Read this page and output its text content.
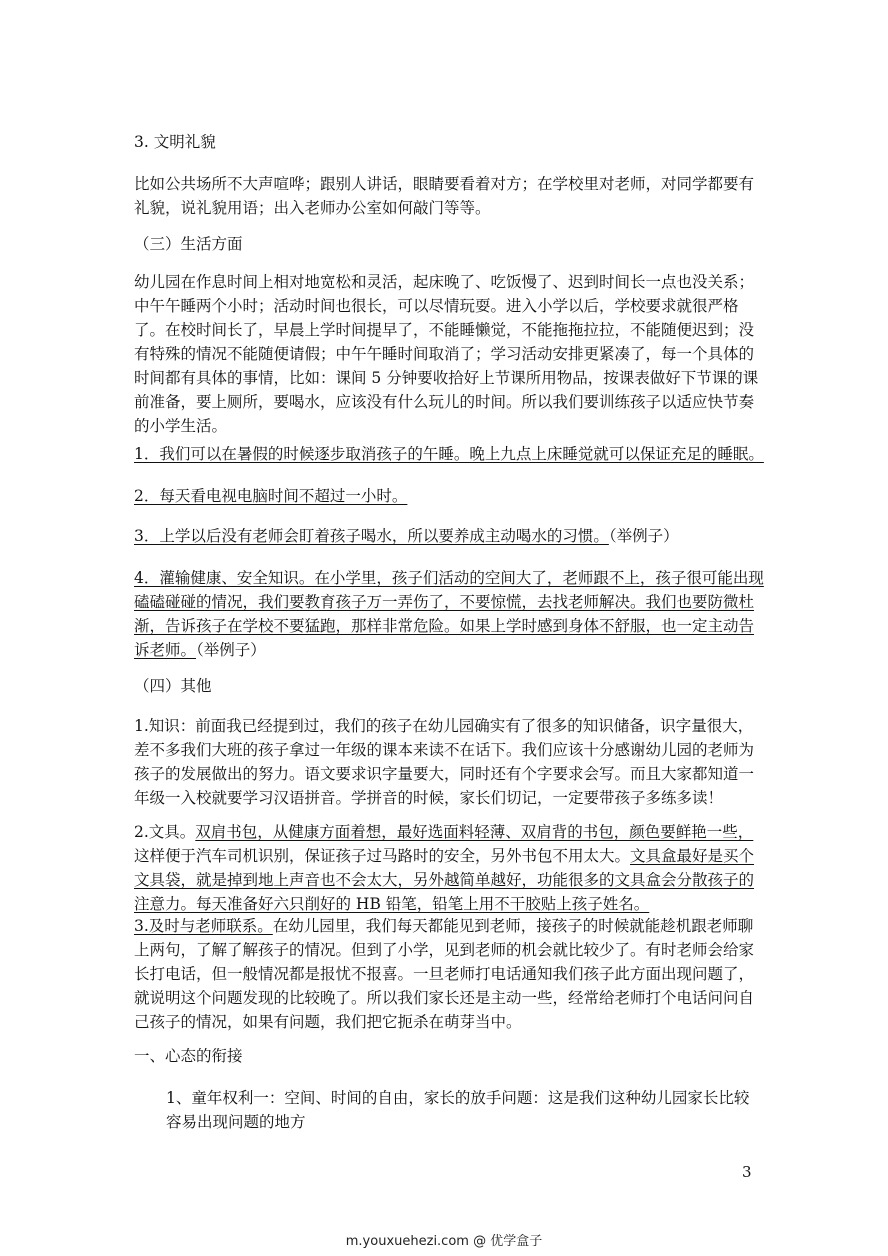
3. 文明礼貌

比如公共场所不大声喧哗；跟别人讲话，眼睛要看着对方；在学校里对老师，对同学都要有礼貌，说礼貌用语；出入老师办公室如何敲门等等。

（三）生活方面

幼儿园在作息时间上相对地宽松和灵活，起床晚了、吃饭慢了、迟到时间长一点也没关系；中午午睡两个小时；活动时间也很长，可以尽情玩耍。进入小学以后，学校要求就很严格了。在校时间长了，早晨上学时间提早了，不能睡懒觉，不能拖拖拉拉，不能随便迟到；没有特殊的情况不能随便请假；中午午睡时间取消了；学习活动安排更紧凑了，每一个具体的时间都有具体的事情，比如：课间 5 分钟要收拾好上节课所用物品，按课表做好下节课的课前准备，要上厕所，要喝水，应该没有什么玩儿的时间。所以我们要训练孩子以适应快节奏的小学生活。

1．我们可以在暑假的时候逐步取消孩子的午睡。晚上九点上床睡觉就可以保证充足的睡眠。

2．每天看电视电脑时间不超过一小时。

3．上学以后没有老师会盯着孩子喝水，所以要养成主动喝水的习惯。（举例子）

4．灌输健康、安全知识。在小学里，孩子们活动的空间大了，老师跟不上，孩子很可能出现磕磕碰碰的情况，我们要教育孩子万一弄伤了，不要惊慌，去找老师解决。我们也要防微杜渐，告诉孩子在学校不要猛跑，那样非常危险。如果上学时感到身体不舒服，也一定主动告诉老师。（举例子）

（四）其他

1.知识：前面我已经提到过，我们的孩子在幼儿园确实有了很多的知识储备，识字量很大，差不多我们大班的孩子拿过一年级的课本来读不在话下。我们应该十分感谢幼儿园的老师为孩子的发展做出的努力。语文要求识字量要大，同时还有个字要求会写。而且大家都知道一年级一入校就要学习汉语拼音。学拼音的时候，家长们切记，一定要带孩子多练多读！

2.文具。双肩书包，从健康方面着想，最好选面料轻薄、双肩背的书包，颜色要鲜艳一些，这样便于汽车司机识别，保证孩子过马路时的安全，另外书包不用太大。文具盒最好是买个文具袋，就是掉到地上声音也不会太大，另外越简单越好，功能很多的文具盒会分散孩子的注意力。每天准备好六只削好的 HB 铅笔，铅笔上用不干胶贴上孩子姓名。

3.及时与老师联系。在幼儿园里，我们每天都能见到老师，接孩子的时候就能趁机跟老师聊上两句，了解了解孩子的情况。但到了小学，见到老师的机会就比较少了。有时老师会给家长打电话，但一般情况都是报忧不报喜。一旦老师打电话通知我们孩子此方面出现问题了，就说明这个问题发现的比较晚了。所以我们家长还是主动一些，经常给老师打个电话问问自己孩子的情况，如果有问题，我们把它扼杀在萌芽当中。

一、心态的衔接

1、童年权利一：空间、时间的自由，家长的放手问题：这是我们这种幼儿园家长比较容易出现问题的地方

3
m.youxuehezi.com @ 优学盒子
